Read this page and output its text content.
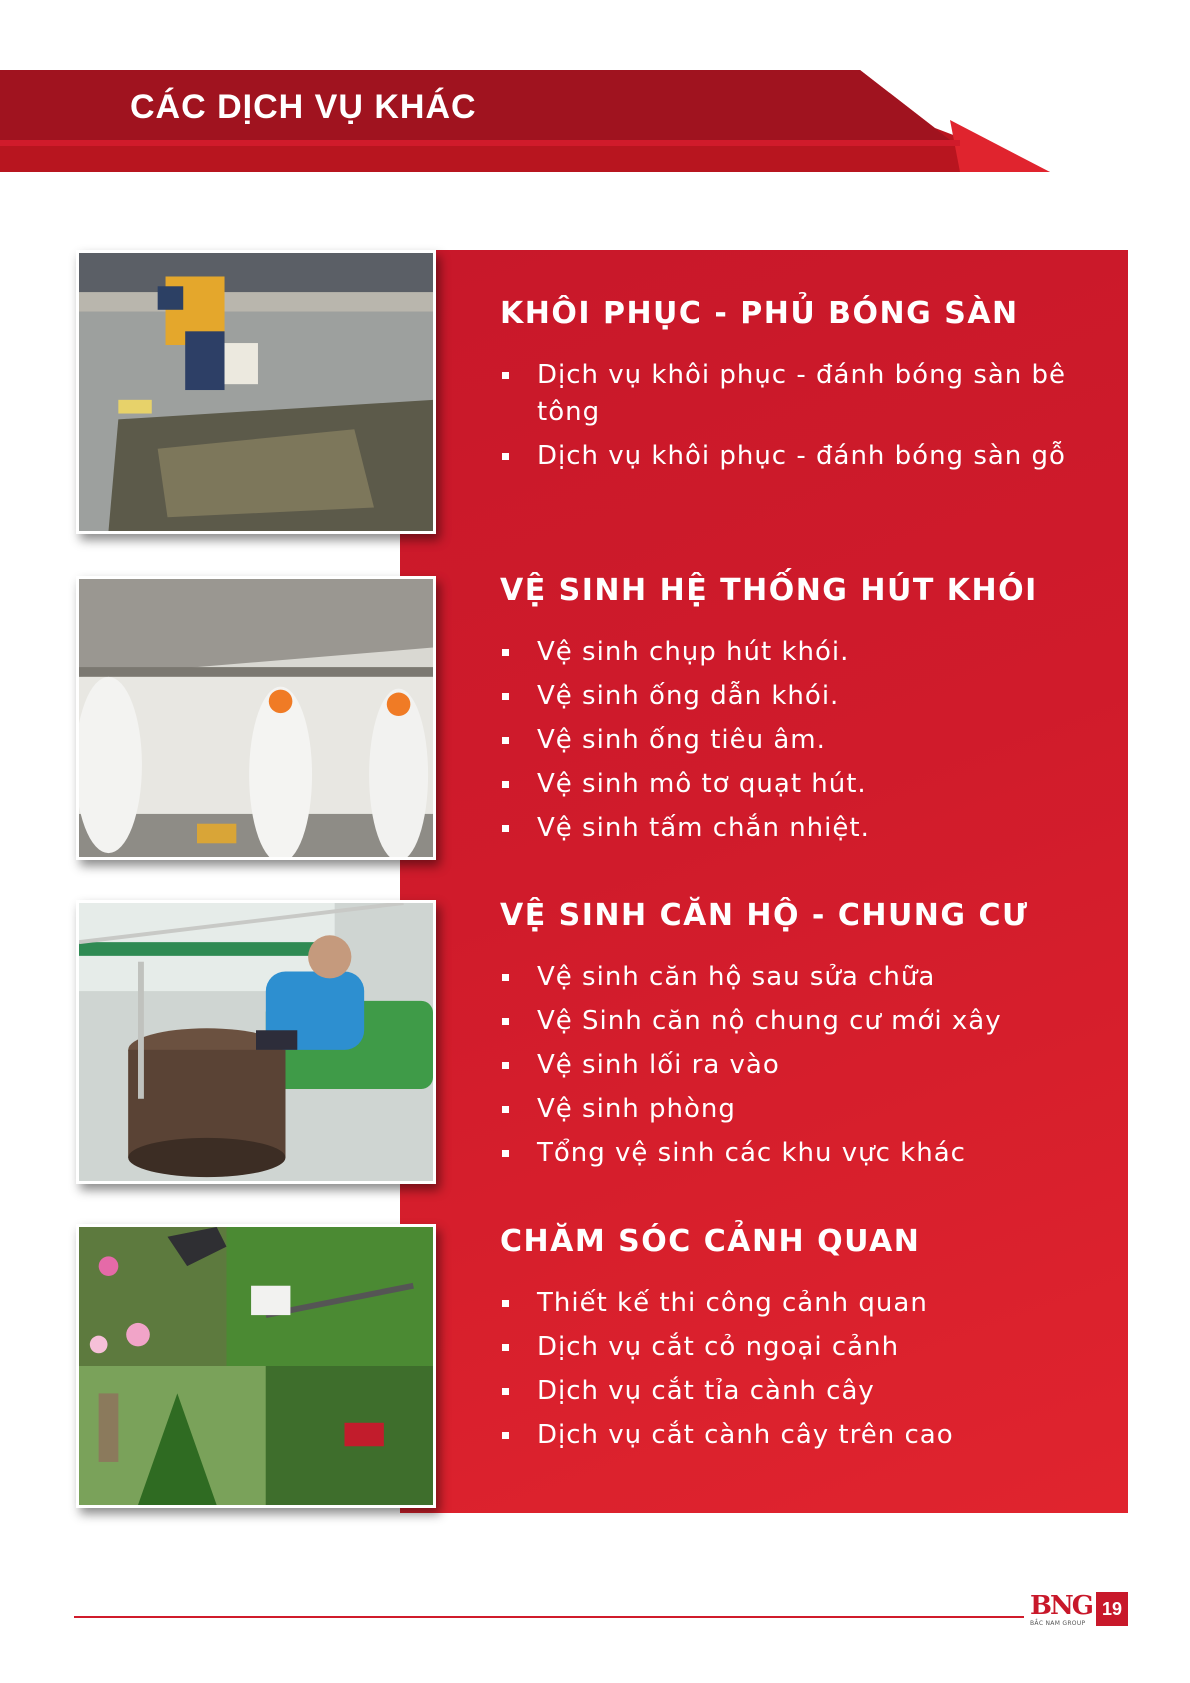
CÁC DỊCH VỤ KHÁC
KHÔI PHỤC - PHỦ BÓNG SÀN
Dịch vụ khôi phục - đánh bóng sàn bê tông
Dịch vụ khôi phục - đánh bóng sàn gỗ
VỆ SINH HỆ THỐNG HÚT KHÓI
Vệ sinh chụp hút khói.
Vệ sinh ống dẫn khói.
Vệ sinh ống tiêu âm.
Vệ sinh mô tơ quạt hút.
Vệ sinh tấm chắn nhiệt.
VỆ SINH CĂN HỘ - CHUNG CƯ
Vệ sinh căn hộ sau sửa chữa
Vệ Sinh căn nộ chung cư mới xây
Vệ sinh lối ra vào
Vệ sinh phòng
Tổng vệ sinh các khu vực khác
CHĂM SÓC CẢNH QUAN
Thiết kế thi công cảnh quan
Dịch vụ cắt cỏ ngoại cảnh
Dịch vụ cắt tỉa cành cây
Dịch vụ cắt cành cây trên cao
BNG
BẮC NAM GROUP
19
